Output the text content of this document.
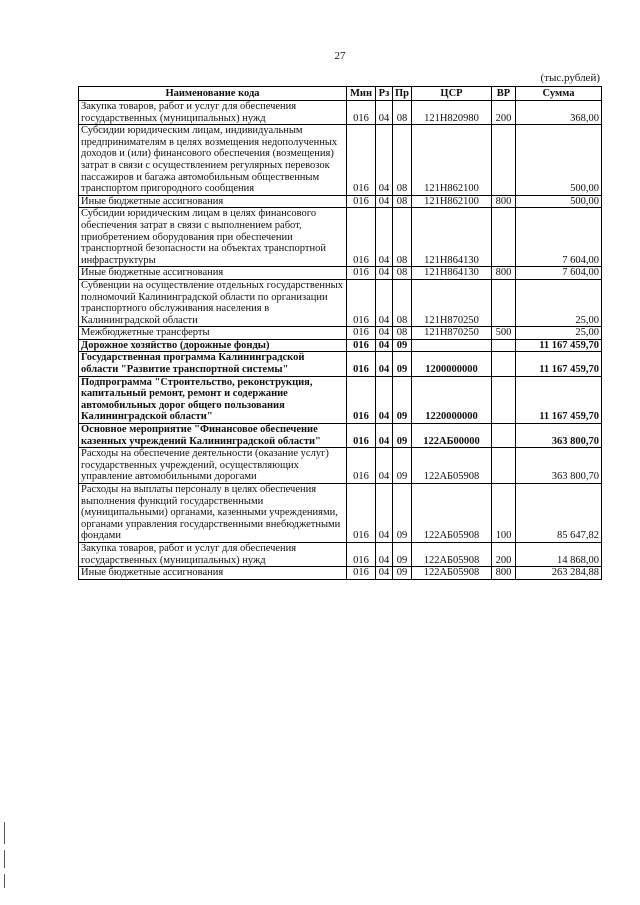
27
(тыс.рублей)
Наименование кода	Мин	Рз	Пр	ЦСР	ВР	Сумма
Закупка товаров, работ и услуг для обеспечения государственных (муниципальных) нужд	016	04	08	121Н820980	200	368,00
Субсидии юридическим лицам, индивидуальным предпринимателям в целях возмещения недополученных доходов и (или) финансового обеспечения (возмещения) затрат в связи с осуществлением регулярных перевозок пассажиров и багажа автомобильным общественным транспортом пригородного сообщения	016	04	08	121Н862100		500,00
Иные бюджетные ассигнования	016	04	08	121Н862100	800	500,00
Субсидии юридическим лицам в целях финансового обеспечения затрат в связи с выполнением работ, приобретением оборудования при обеспечении транспортной безопасности на объектах транспортной инфраструктуры	016	04	08	121Н864130		7 604,00
Иные бюджетные ассигнования	016	04	08	121Н864130	800	7 604,00
Субвенции на осуществление отдельных государственных полномочий Калининградской области по организации транспортного обслуживания населения в Калининградской области	016	04	08	121Н870250		25,00
Межбюджетные трансферты	016	04	08	121Н870250	500	25,00
Дорожное хозяйство (дорожные фонды)	016	04	09			11 167 459,70
Государственная программа Калининградской области "Развитие транспортной системы"	016	04	09	1200000000		11 167 459,70
Подпрограмма "Строительство, реконструкция, капитальный ремонт, ремонт и содержание автомобильных дорог общего пользования Калининградской области"	016	04	09	1220000000		11 167 459,70
Основное мероприятие "Финансовое обеспечение казенных учреждений Калининградской области"	016	04	09	122АБ00000		363 800,70
Расходы на обеспечение деятельности (оказание услуг) государственных учреждений, осуществляющих управление автомобильными дорогами	016	04	09	122АБ05908		363 800,70
Расходы на выплаты персоналу в целях обеспечения выполнения функций государственными (муниципальными) органами, казенными учреждениями, органами управления государственными внебюджетными фондами	016	04	09	122АБ05908	100	85 647,82
Закупка товаров, работ и услуг для обеспечения государственных (муниципальных) нужд	016	04	09	122АБ05908	200	14 868,00
Иные бюджетные ассигнования	016	04	09	122АБ05908	800	263 284,88
